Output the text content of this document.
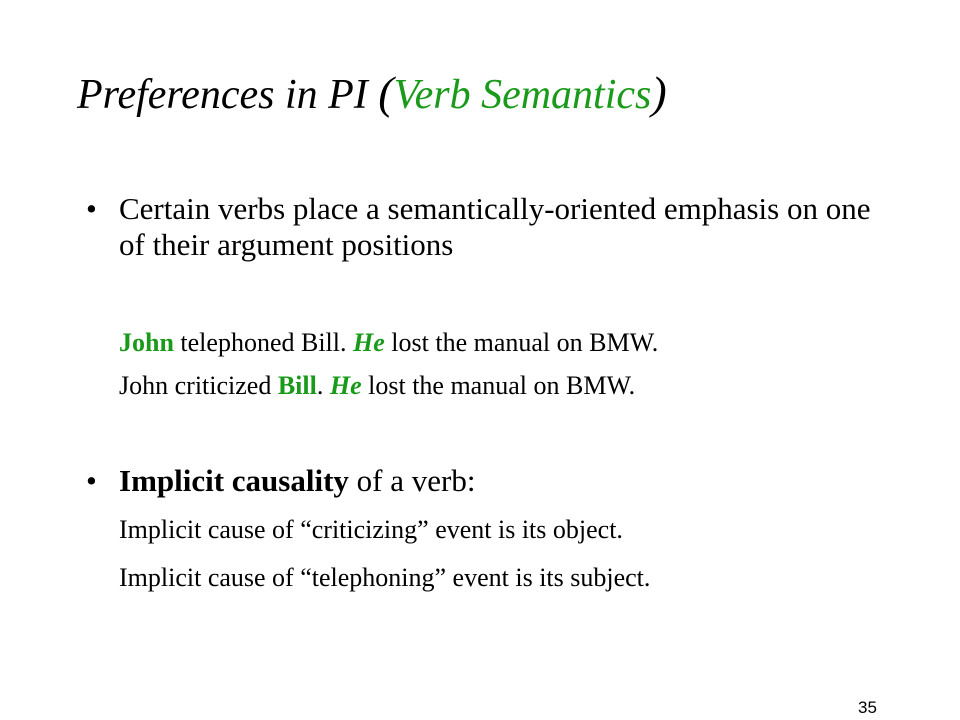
Preferences in PI (Verb Semantics)
• Certain verbs place a semantically-oriented emphasis on one of their argument positions
John telephoned Bill. He lost the manual on BMW.
John criticized Bill. He lost the manual on BMW.
• Implicit causality of a verb:
Implicit cause of “criticizing” event is its object.
Implicit cause of “telephoning” event is its subject.
35
